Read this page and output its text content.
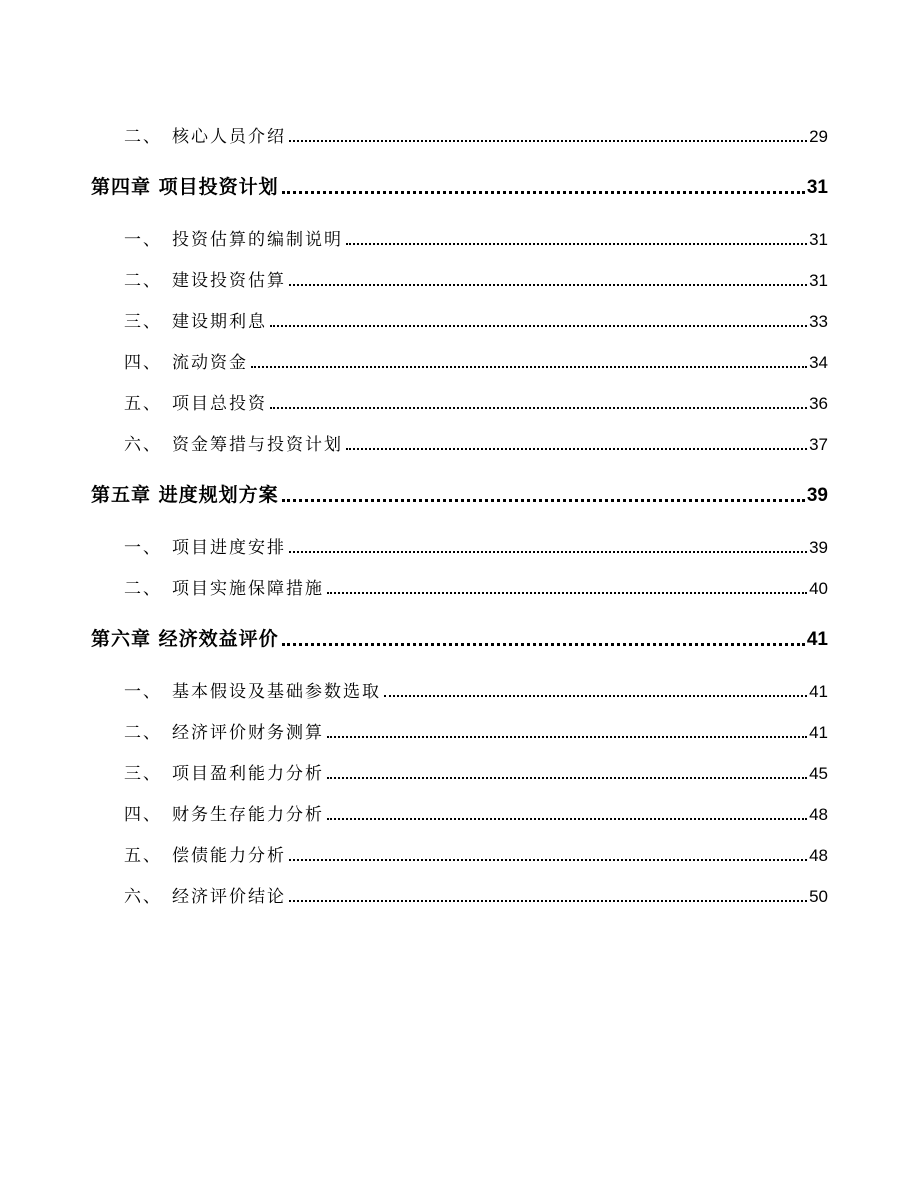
二、 核心人员介绍	29
第四章 项目投资计划	31
一、 投资估算的编制说明	31
二、 建设投资估算	31
三、 建设期利息	33
四、 流动资金	34
五、 项目总投资	36
六、 资金筹措与投资计划	37
第五章 进度规划方案	39
一、 项目进度安排	39
二、 项目实施保障措施	40
第六章 经济效益评价	41
一、 基本假设及基础参数选取	41
二、 经济评价财务测算	41
三、 项目盈利能力分析	45
四、 财务生存能力分析	48
五、 偿债能力分析	48
六、 经济评价结论	50
